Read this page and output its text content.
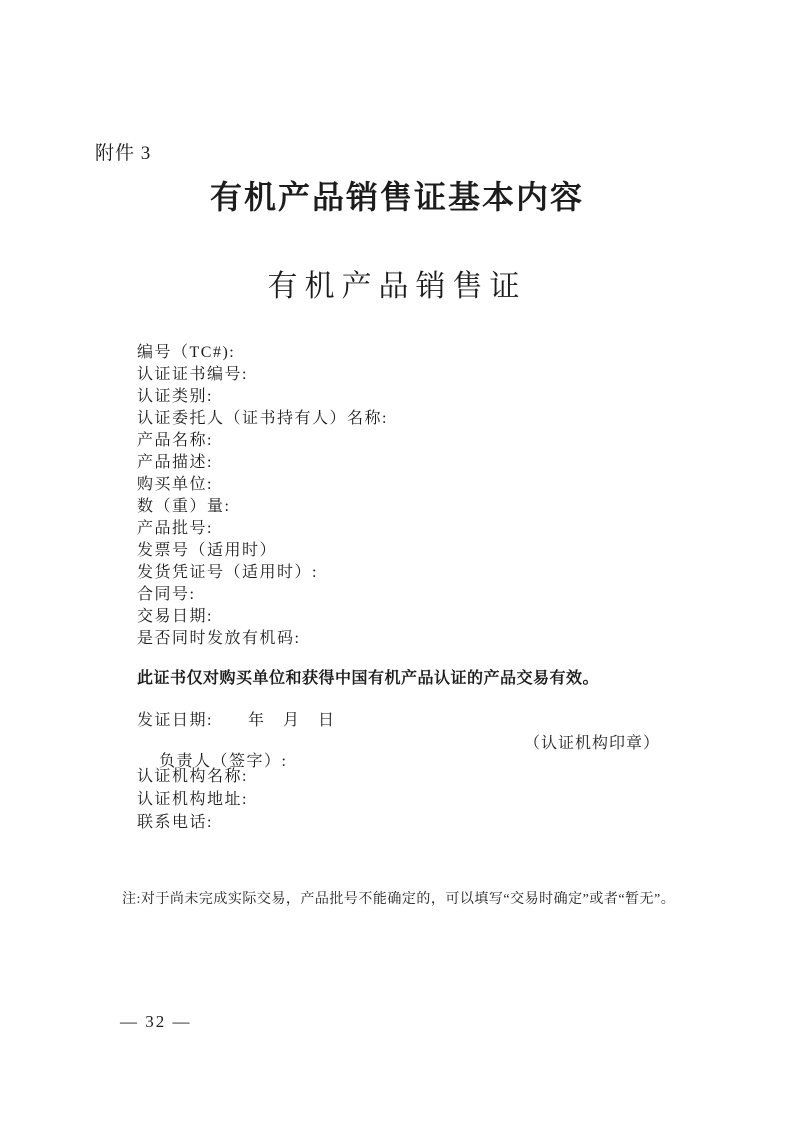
附件 3
有机产品销售证基本内容
有机产品销售证
编号（TC#):
认证证书编号:
认证类别:
认证委托人（证书持有人）名称:
产品名称:
产品描述:
购买单位:
数（重）量:
产品批号:
发票号（适用时）
发货凭证号（适用时）:
合同号:
交易日期:
是否同时发放有机码:
此证书仅对购买单位和获得中国有机产品认证的产品交易有效。
发证日期:　　年　月　日

负责人（签字）:

（认证机构印章）

认证机构名称:
认证机构地址:
联系电话:
注:对于尚未完成实际交易，产品批号不能确定的，可以填写“交易时确定”或者“暂无”。
— 32 —
